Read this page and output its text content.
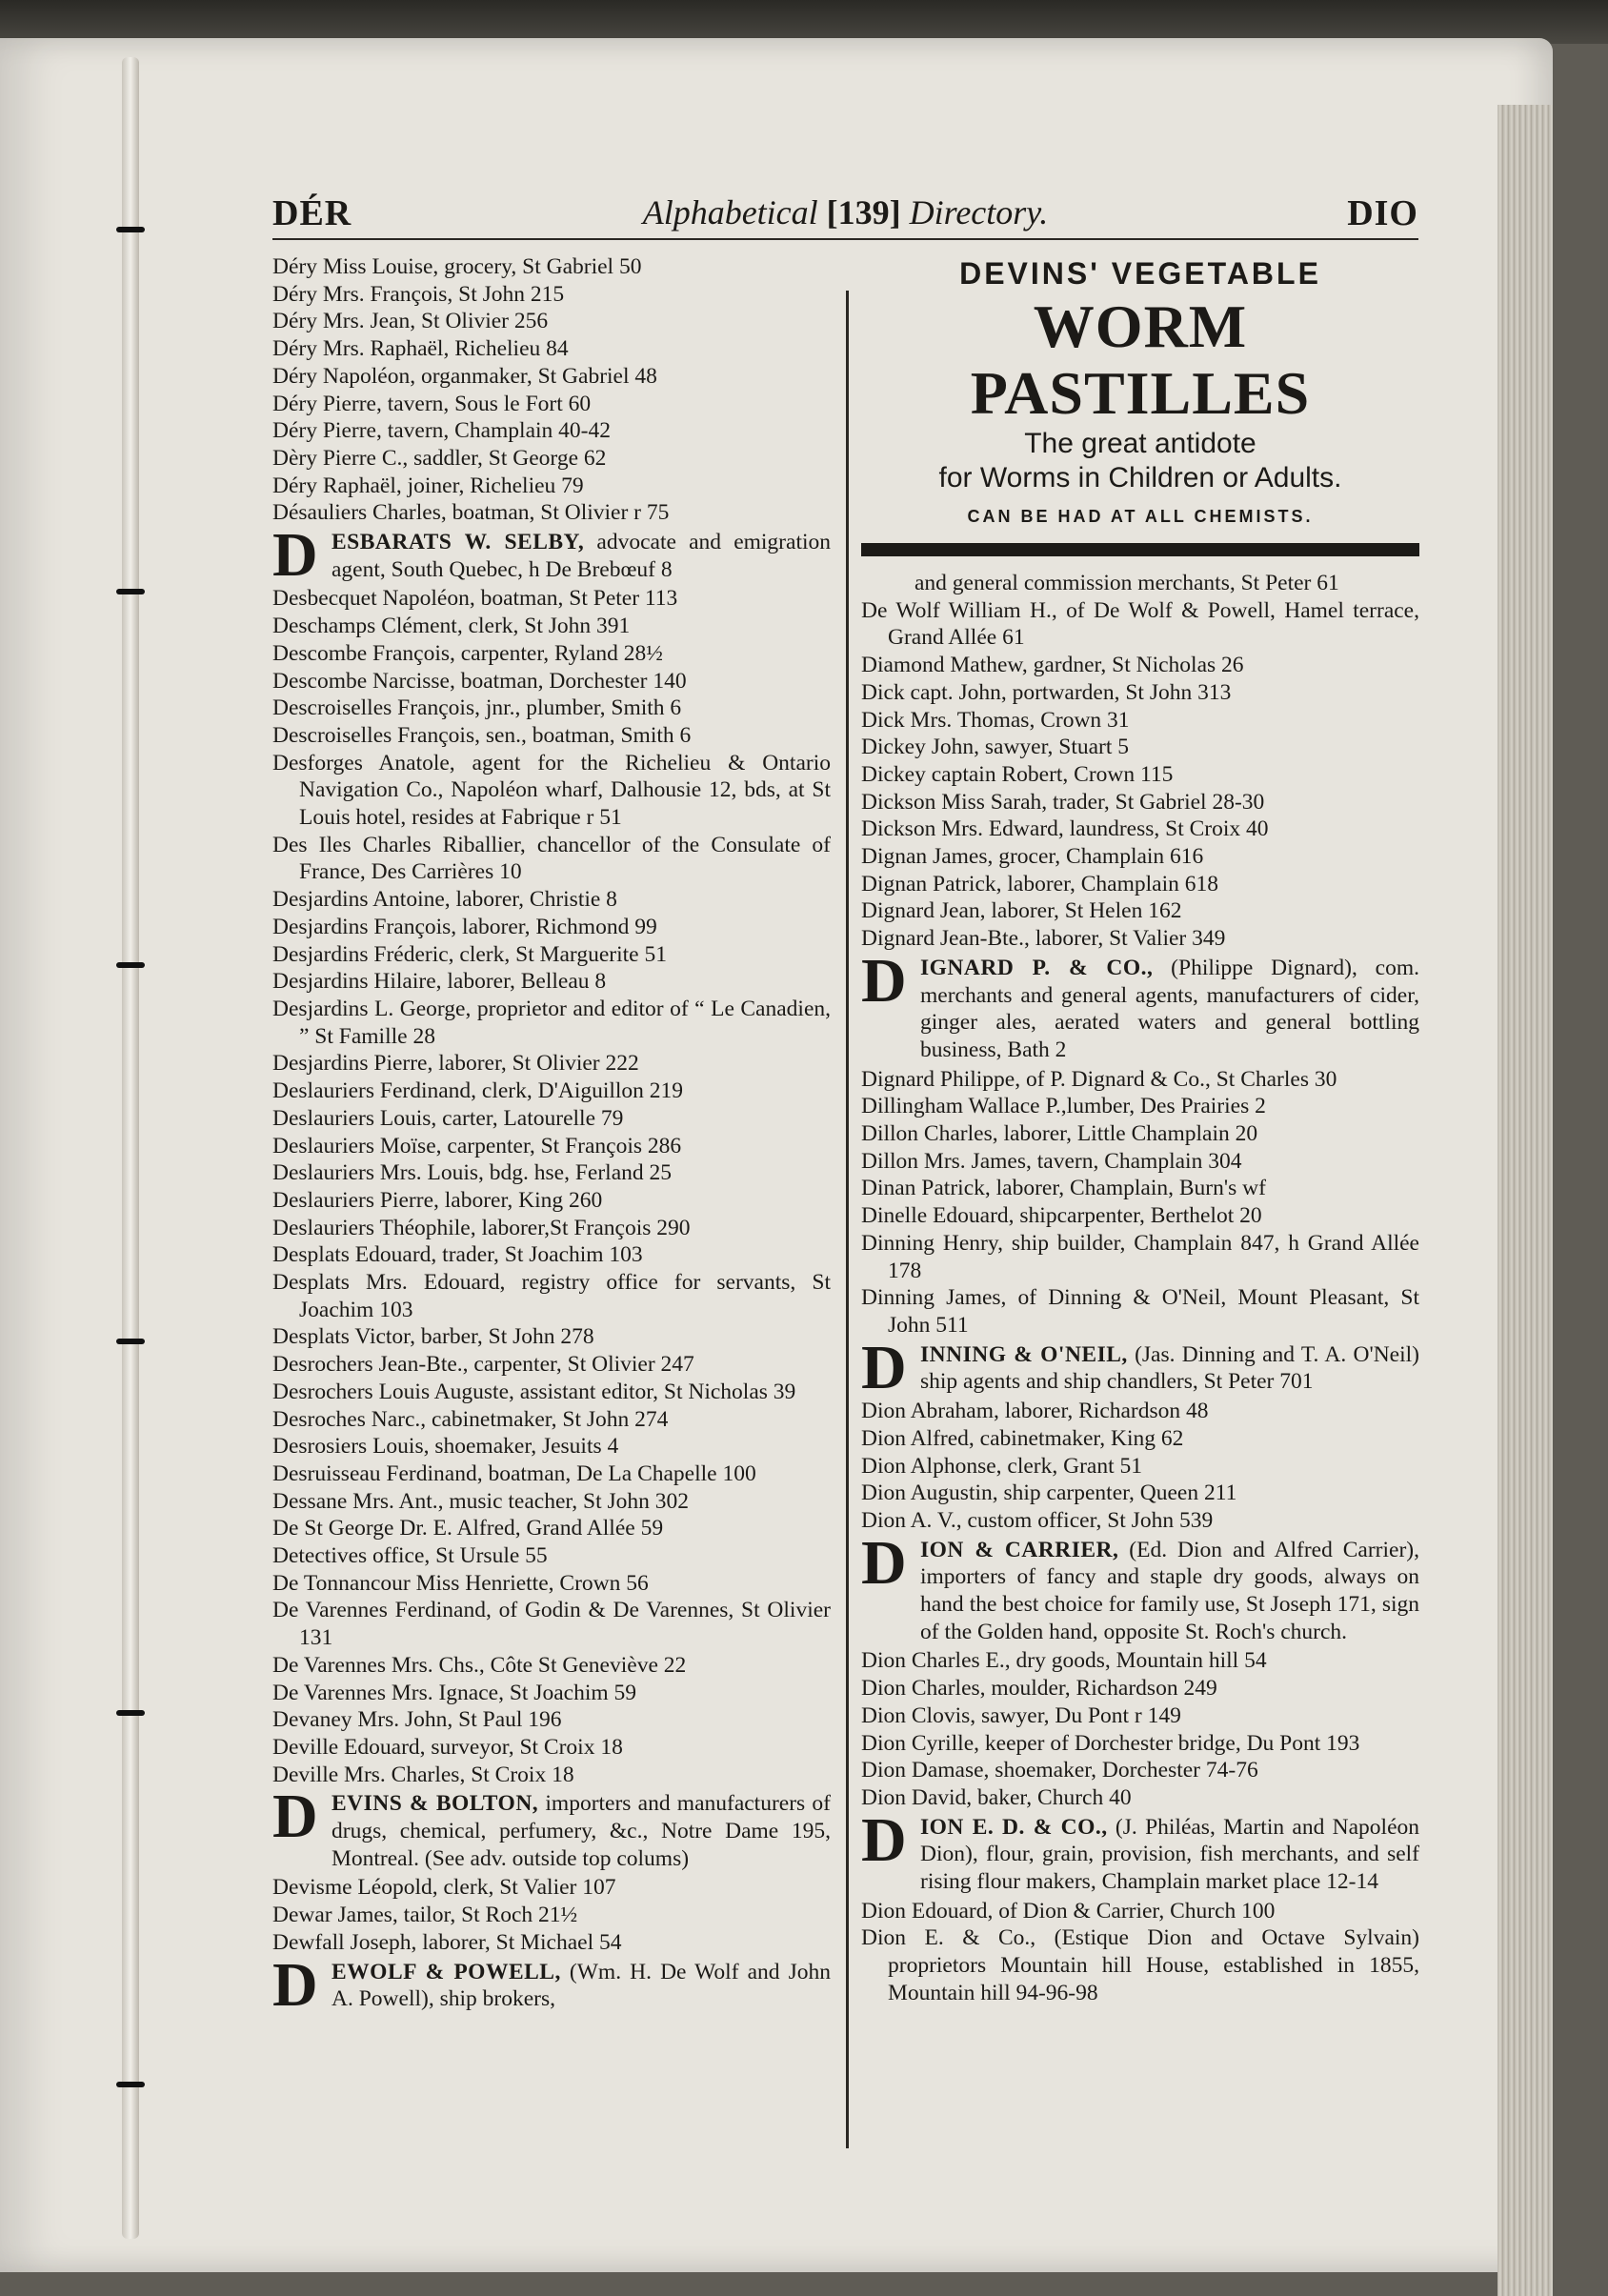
DÉR	Alphabetical [139] Directory.	DIO
Déry Miss Louise, grocery, St Gabriel 50
Déry Mrs. François, St John 215
Déry Mrs. Jean, St Olivier 256
Déry Mrs. Raphaël, Richelieu 84
Déry Napoléon, organmaker, St Gabriel 48
Déry Pierre, tavern, Sous le Fort 60
Déry Pierre, tavern, Champlain 40-42
Dèry Pierre C., saddler, St George 62
Déry Raphaël, joiner, Richelieu 79
Désauliers Charles, boatman, St Olivier r 75
D ESBARATS W. SELBY, advocate and emigration agent, South Quebec, h De Brebœuf 8
Desbecquet Napoléon, boatman, St Peter 113
Deschamps Clément, clerk, St John 391
Descombe François, carpenter, Ryland 28½
Descombe Narcisse, boatman, Dorchester 140
Descroiselles François, jnr., plumber, Smith 6
Descroiselles François, sen., boatman, Smith 6
Desforges Anatole, agent for the Richelieu & Ontario Navigation Co., Napoléon wharf, Dalhousie 12, bds, at St Louis hotel, resides at Fabrique r 51
Des Iles Charles Riballier, chancellor of the Consulate of France, Des Carrières 10
Desjardins Antoine, laborer, Christie 8
Desjardins François, laborer, Richmond 99
Desjardins Fréderic, clerk, St Marguerite 51
Desjardins Hilaire, laborer, Belleau 8
Desjardins L. George, proprietor and editor of “ Le Canadien, ” St Famille 28
Desjardins Pierre, laborer, St Olivier 222
Deslauriers Ferdinand, clerk, D'Aiguillon 219
Deslauriers Louis, carter, Latourelle 79
Deslauriers Moïse, carpenter, St François 286
Deslauriers Mrs. Louis, bdg. hse, Ferland 25
Deslauriers Pierre, laborer, King 260
Deslauriers Théophile, laborer,St François 290
Desplats Edouard, trader, St Joachim 103
Desplats Mrs. Edouard, registry office for servants, St Joachim 103
Desplats Victor, barber, St John 278
Desrochers Jean-Bte., carpenter, St Olivier 247
Desrochers Louis Auguste, assistant editor, St Nicholas 39
Desroches Narc., cabinetmaker, St John 274
Desrosiers Louis, shoemaker, Jesuits 4
Desruisseau Ferdinand, boatman, De La Chapelle 100
Dessane Mrs. Ant., music teacher, St John 302
De St George Dr. E. Alfred, Grand Allée 59
Detectives office, St Ursule 55
De Tonnancour Miss Henriette, Crown 56
De Varennes Ferdinand, of Godin & De Varennes, St Olivier 131
De Varennes Mrs. Chs., Côte St Geneviève 22
De Varennes Mrs. Ignace, St Joachim 59
Devaney Mrs. John, St Paul 196
Deville Edouard, surveyor, St Croix 18
Deville Mrs. Charles, St Croix 18
D EVINS & BOLTON, importers and manufacturers of drugs, chemical, perfumery, &c., Notre Dame 195, Montreal. (See adv. outside top colums)
Devisme Léopold, clerk, St Valier 107
Dewar James, tailor, St Roch 21½
Dewfall Joseph, laborer, St Michael 54
D EWOLF & POWELL, (Wm. H. De Wolf and John A. Powell), ship brokers,
DEVINS' VEGETABLE
WORM PASTILLES
The great antidote
for Worms in Children or Adults.
CAN BE HAD AT ALL CHEMISTS.
and general commission merchants, St Peter 61
De Wolf William H., of De Wolf & Powell, Hamel terrace, Grand Allée 61
Diamond Mathew, gardner, St Nicholas 26
Dick capt. John, portwarden, St John 313
Dick Mrs. Thomas, Crown 31
Dickey John, sawyer, Stuart 5
Dickey captain Robert, Crown 115
Dickson Miss Sarah, trader, St Gabriel 28-30
Dickson Mrs. Edward, laundress, St Croix 40
Dignan James, grocer, Champlain 616
Dignan Patrick, laborer, Champlain 618
Dignard Jean, laborer, St Helen 162
Dignard Jean-Bte., laborer, St Valier 349
D IGNARD P. & CO., (Philippe Dignard), com. merchants and general agents, manufacturers of cider, ginger ales, aerated waters and general bottling business, Bath 2
Dignard Philippe, of P. Dignard & Co., St Charles 30
Dillingham Wallace P.,lumber, Des Prairies 2
Dillon Charles, laborer, Little Champlain 20
Dillon Mrs. James, tavern, Champlain 304
Dinan Patrick, laborer, Champlain, Burn's wf
Dinelle Edouard, shipcarpenter, Berthelot 20
Dinning Henry, ship builder, Champlain 847, h Grand Allée 178
Dinning James, of Dinning & O'Neil, Mount Pleasant, St John 511
D INNING & O'NEIL, (Jas. Dinning and T. A. O'Neil) ship agents and ship chandlers, St Peter 701
Dion Abraham, laborer, Richardson 48
Dion Alfred, cabinetmaker, King 62
Dion Alphonse, clerk, Grant 51
Dion Augustin, ship carpenter, Queen 211
Dion A. V., custom officer, St John 539
D ION & CARRIER, (Ed. Dion and Alfred Carrier), importers of fancy and staple dry goods, always on hand the best choice for family use, St Joseph 171, sign of the Golden hand, opposite St. Roch's church.
Dion Charles E., dry goods, Mountain hill 54
Dion Charles, moulder, Richardson 249
Dion Clovis, sawyer, Du Pont r 149
Dion Cyrille, keeper of Dorchester bridge, Du Pont 193
Dion Damase, shoemaker, Dorchester 74-76
Dion David, baker, Church 40
D ION E. D. & CO., (J. Philéas, Martin and Napoléon Dion), flour, grain, provision, fish merchants, and self rising flour makers, Champlain market place 12-14
Dion Edouard, of Dion & Carrier, Church 100
Dion E. & Co., (Estique Dion and Octave Sylvain) proprietors Mountain hill House, established in 1855, Mountain hill 94-96-98
